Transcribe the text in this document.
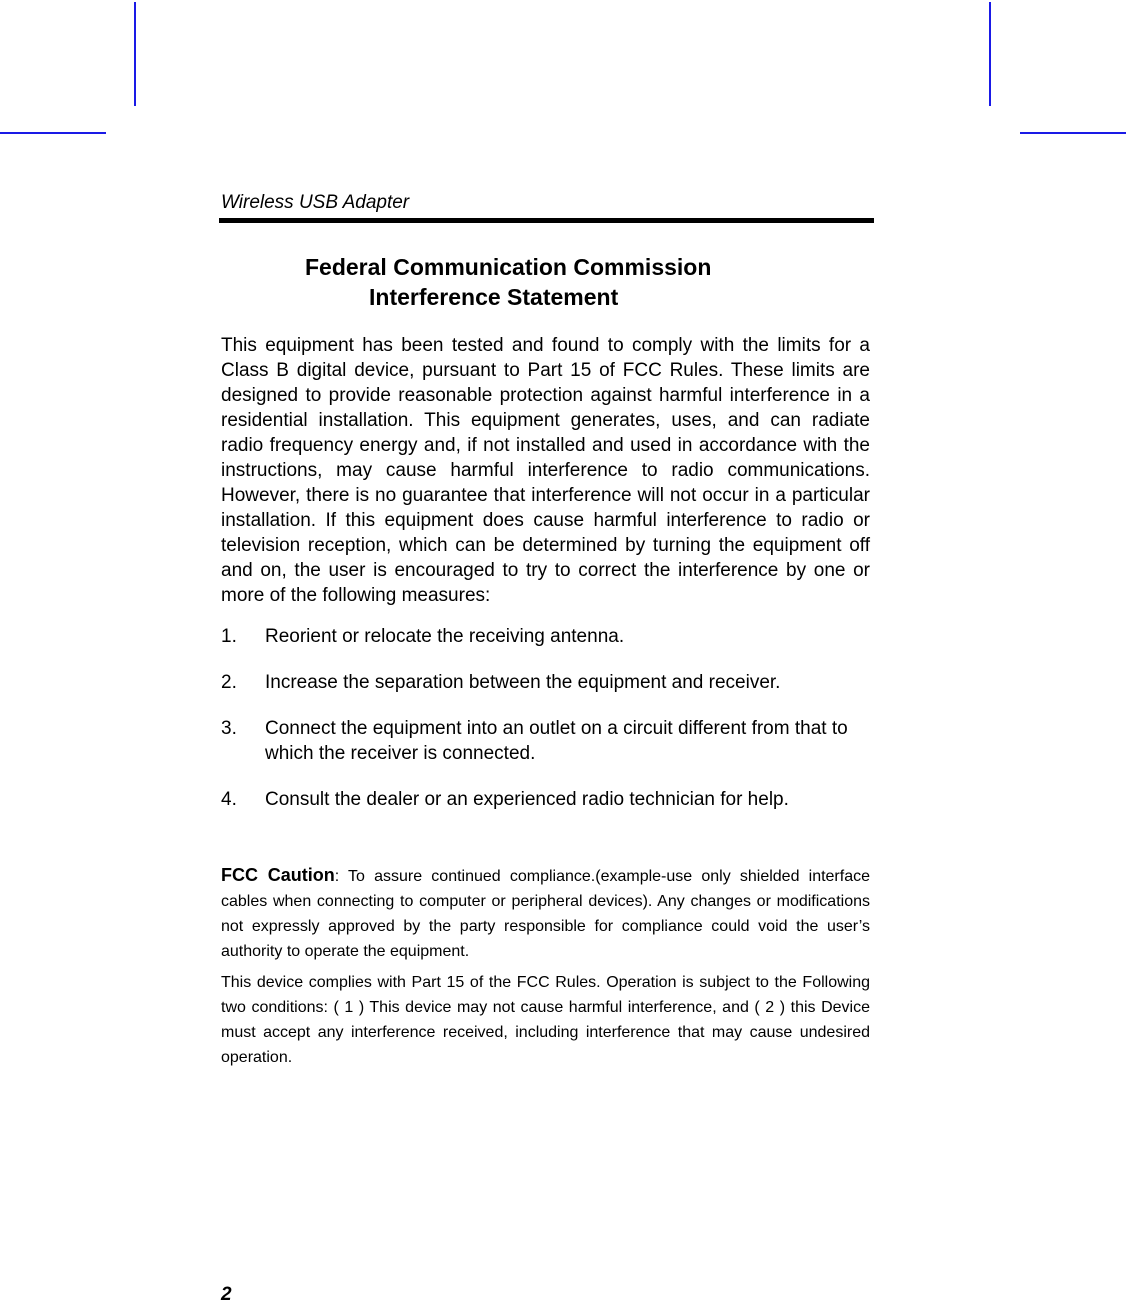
Wireless USB Adapter

Federal Communication Commission
Interference Statement

This equipment has been tested and found to comply with the limits for a Class B digital device, pursuant to Part 15 of FCC Rules. These limits are designed to provide reasonable protection against harmful interference in a residential installation. This equipment generates, uses, and can radiate radio frequency energy and, if not installed and used in accordance with the instructions, may cause harmful interference to radio communications. However, there is no guarantee that interference will not occur in a particular installation. If this equipment does cause harmful interference to radio or television reception, which can be determined by turning the equipment off and on, the user is encouraged to try to correct the interference by one or more of the following measures:

1. Reorient or relocate the receiving antenna.
2. Increase the separation between the equipment and receiver.
3. Connect the equipment into an outlet on a circuit different from that to which the receiver is connected.
4. Consult the dealer or an experienced radio technician for help.

FCC Caution: To assure continued compliance.(example-use only shielded interface cables when connecting to computer or peripheral devices). Any changes or modifications not expressly approved by the party responsible for compliance could void the user’s authority to operate the equipment.

This device complies with Part 15 of the FCC Rules. Operation is subject to the Following two conditions: ( 1 ) This device may not cause harmful interference, and ( 2 ) this Device must accept any interference received, including interference that may cause undesired operation.

2
